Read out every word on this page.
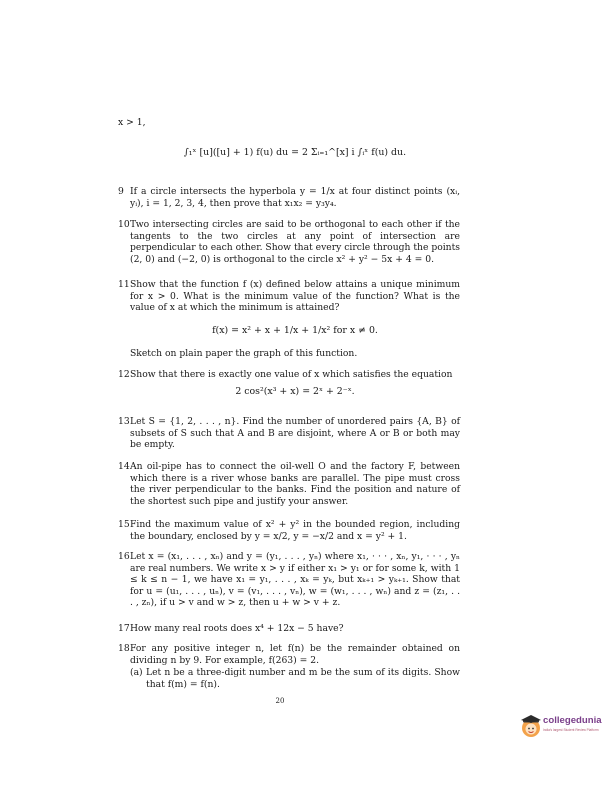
x > 1,
∫₁ˣ [u]([u] + 1) f(u) du = 2 Σᵢ₌₁^[x] i ∫ᵢˣ f(u) du.
9 If a circle intersects the hyperbola y = 1/x at four distinct points (xᵢ, yᵢ), i = 1, 2, 3, 4, then prove that x₁x₂ = y₃y₄.
10 Two intersecting circles are said to be orthogonal to each other if the tangents to the two circles at any point of intersection are perpendicular to each other. Show that every circle through the points (2, 0) and (−2, 0) is orthogonal to the circle x² + y² − 5x + 4 = 0.
11 Show that the function f (x) defined below attains a unique minimum for x > 0. What is the minimum value of the function? What is the value of x at which the minimum is attained?
f(x) = x² + x + 1/x + 1/x² for x ≠ 0.
Sketch on plain paper the graph of this function.
12 Show that there is exactly one value of x which satisfies the equation
2 cos²(x³ + x) = 2ˣ + 2⁻ˣ.
13 Let S = {1, 2, . . . , n}. Find the number of unordered pairs {A, B} of subsets of S such that A and B are disjoint, where A or B or both may be empty.
14 An oil-pipe has to connect the oil-well O and the factory F, between which there is a river whose banks are parallel. The pipe must cross the river perpendicular to the banks. Find the position and nature of the shortest such pipe and justify your answer.
15 Find the maximum value of x² + y² in the bounded region, including the boundary, enclosed by y = x/2, y = −x/2 and x = y² + 1.
16 Let x = (x₁, . . . , xₙ) and y = (y₁, . . . , yₙ) where x₁, · · · , xₙ, y₁, · · · , yₙ are real numbers. We write x > y if either x₁ > y₁ or for some k, with 1 ≤ k ≤ n − 1, we have x₁ = y₁, . . . , xₖ = yₖ, but xₖ₊₁ > yₖ₊₁. Show that for u = (u₁, . . . , uₙ), v = (v₁, . . . , vₙ), w = (w₁, . . . , wₙ) and z = (z₁, . . . , zₙ), if u > v and w > z, then u + w > v + z.
17 How many real roots does x⁴ + 12x − 5 have?
18 For any positive integer n, let f(n) be the remainder obtained on dividing n by 9. For example, f(263) = 2.
(a) Let n be a three-digit number and m be the sum of its digits. Show that f(m) = f(n).
20
collegedunia
India's largest Student Review Platform
